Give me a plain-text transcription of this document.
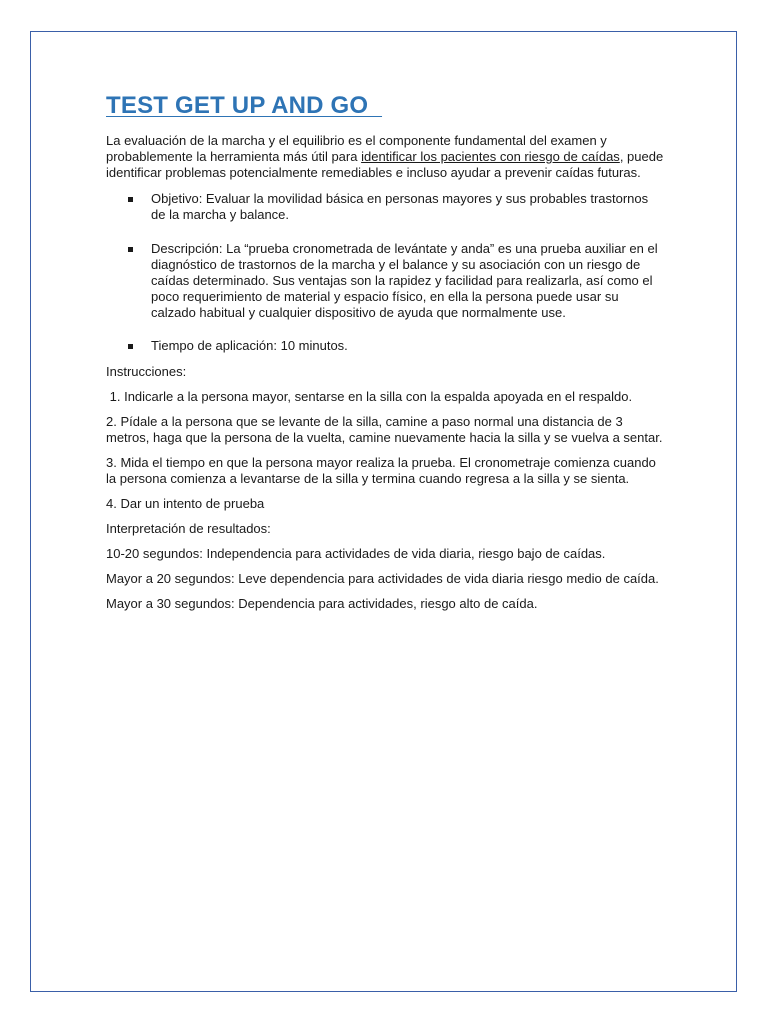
TEST GET UP AND GO

La evaluación de la marcha y el equilibrio es el componente fundamental del examen y probablemente la herramienta más útil para identificar los pacientes con riesgo de caídas, puede identificar problemas potencialmente remediables e incluso ayudar a prevenir caídas futuras.

Objetivo: Evaluar la movilidad básica en personas mayores y sus probables trastornos de la marcha y balance.
Descripción: La “prueba cronometrada de levántate y anda” es una prueba auxiliar en el diagnóstico de trastornos de la marcha y el balance y su asociación con un riesgo de caídas determinado. Sus ventajas son la rapidez y facilidad para realizarla, así como el poco requerimiento de material y espacio físico, en ella la persona puede usar su calzado habitual y cualquier dispositivo de ayuda que normalmente use.
Tiempo de aplicación: 10 minutos.

Instrucciones:

1. Indicarle a la persona mayor, sentarse en la silla con la espalda apoyada en el respaldo.

2. Pídale a la persona que se levante de la silla, camine a paso normal una distancia de 3 metros, haga que la persona de la vuelta, camine nuevamente hacia la silla y se vuelva a sentar.

3. Mida el tiempo en que la persona mayor realiza la prueba. El cronometraje comienza cuando la persona comienza a levantarse de la silla y termina cuando regresa a la silla y se sienta.

4. Dar un intento de prueba

Interpretación de resultados:

10-20 segundos: Independencia para actividades de vida diaria, riesgo bajo de caídas.

Mayor a 20 segundos: Leve dependencia para actividades de vida diaria riesgo medio de caída.

Mayor a 30 segundos: Dependencia para actividades, riesgo alto de caída.
